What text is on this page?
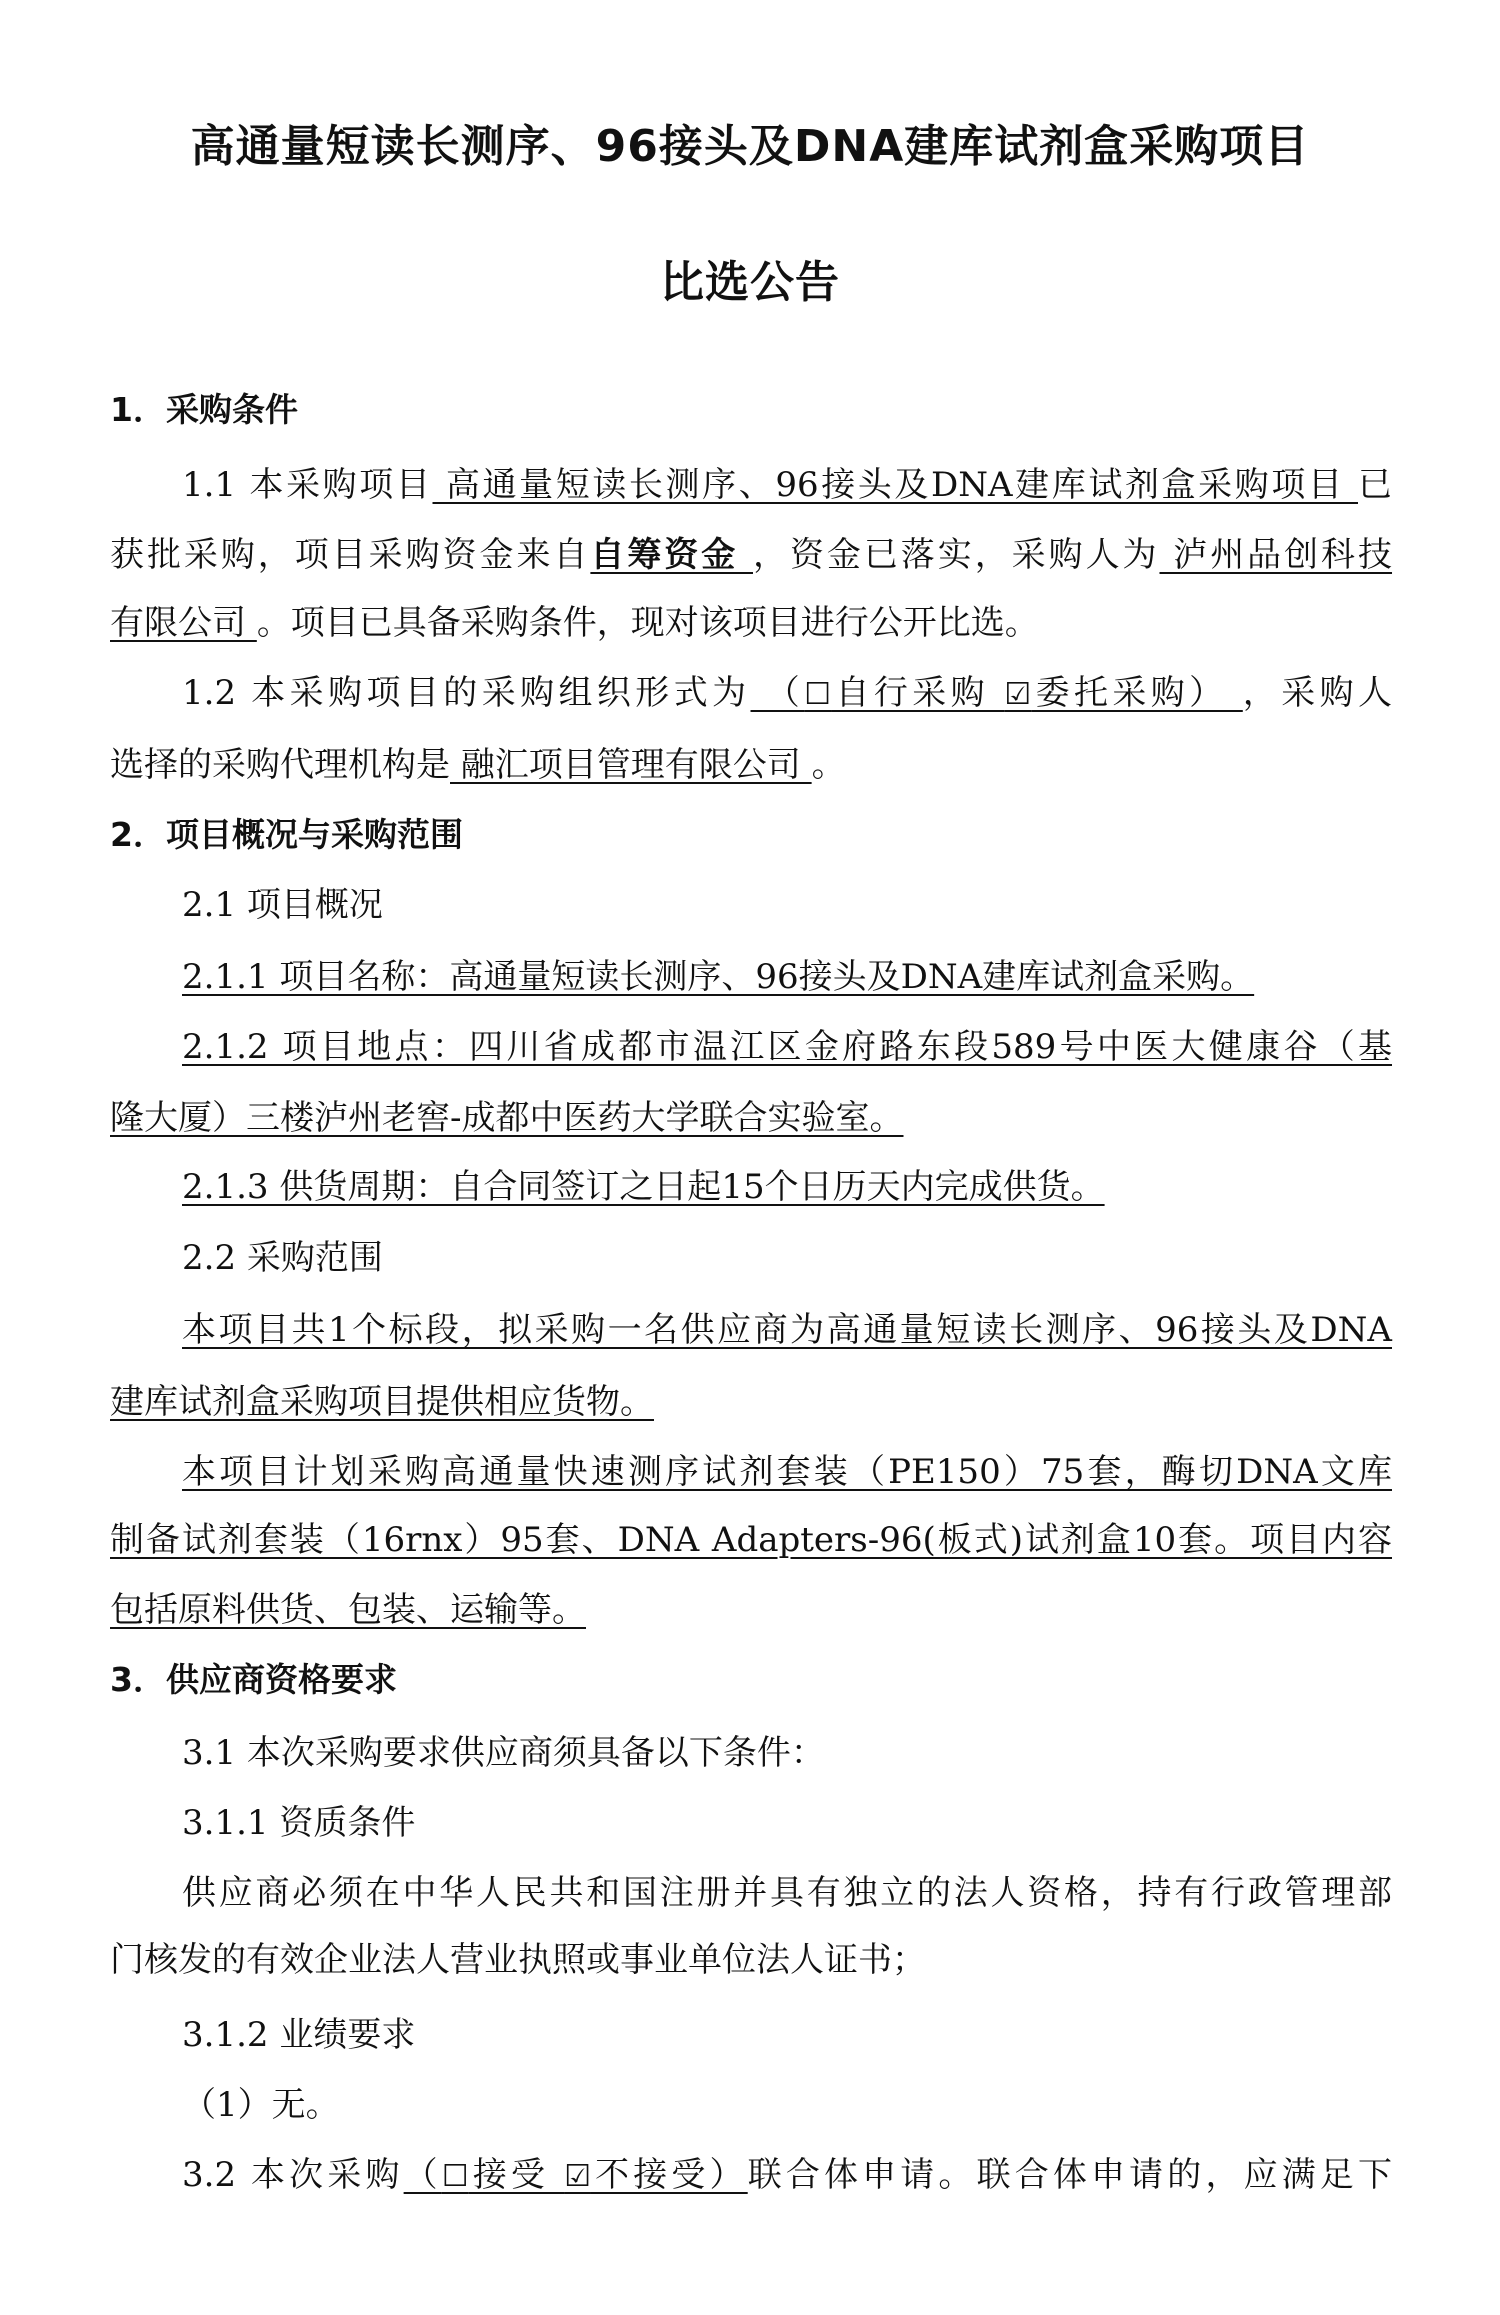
高通量短读长测序、96接头及DNA建库试剂盒采购项目
比选公告
1．采购条件
1.1 本采购项目 高通量短读长测序、96接头及DNA建库试剂盒采购项目 已
获批采购，项目采购资金来自自筹资金 ，资金已落实，采购人为 泸州品创科技
有限公司 。项目已具备采购条件，现对该项目进行公开比选。
1.2 本采购项目的采购组织形式为 （☐自行采购 ☑委托采购） ，采购人
选择的采购代理机构是 融汇项目管理有限公司 。
2．项目概况与采购范围
2.1 项目概况
2.1.1 项目名称：高通量短读长测序、96接头及DNA建库试剂盒采购。
2.1.2 项目地点：四川省成都市温江区金府路东段589号中医大健康谷（基
隆大厦）三楼泸州老窖-成都中医药大学联合实验室。
2.1.3 供货周期：自合同签订之日起15个日历天内完成供货。
2.2 采购范围
本项目共1个标段，拟采购一名供应商为高通量短读长测序、96接头及DNA
建库试剂盒采购项目提供相应货物。
本项目计划采购高通量快速测序试剂套装（PE150）75套，酶切DNA文库
制备试剂套装（16rnx）95套、DNA Adapters-96(板式)试剂盒10套。项目内容
包括原料供货、包装、运输等。
3．供应商资格要求
3.1 本次采购要求供应商须具备以下条件：
3.1.1 资质条件
供应商必须在中华人民共和国注册并具有独立的法人资格，持有行政管理部
门核发的有效企业法人营业执照或事业单位法人证书；
3.1.2 业绩要求
（1）无。
3.2 本次采购（☐接受 ☑不接受）联合体申请。联合体申请的，应满足下
